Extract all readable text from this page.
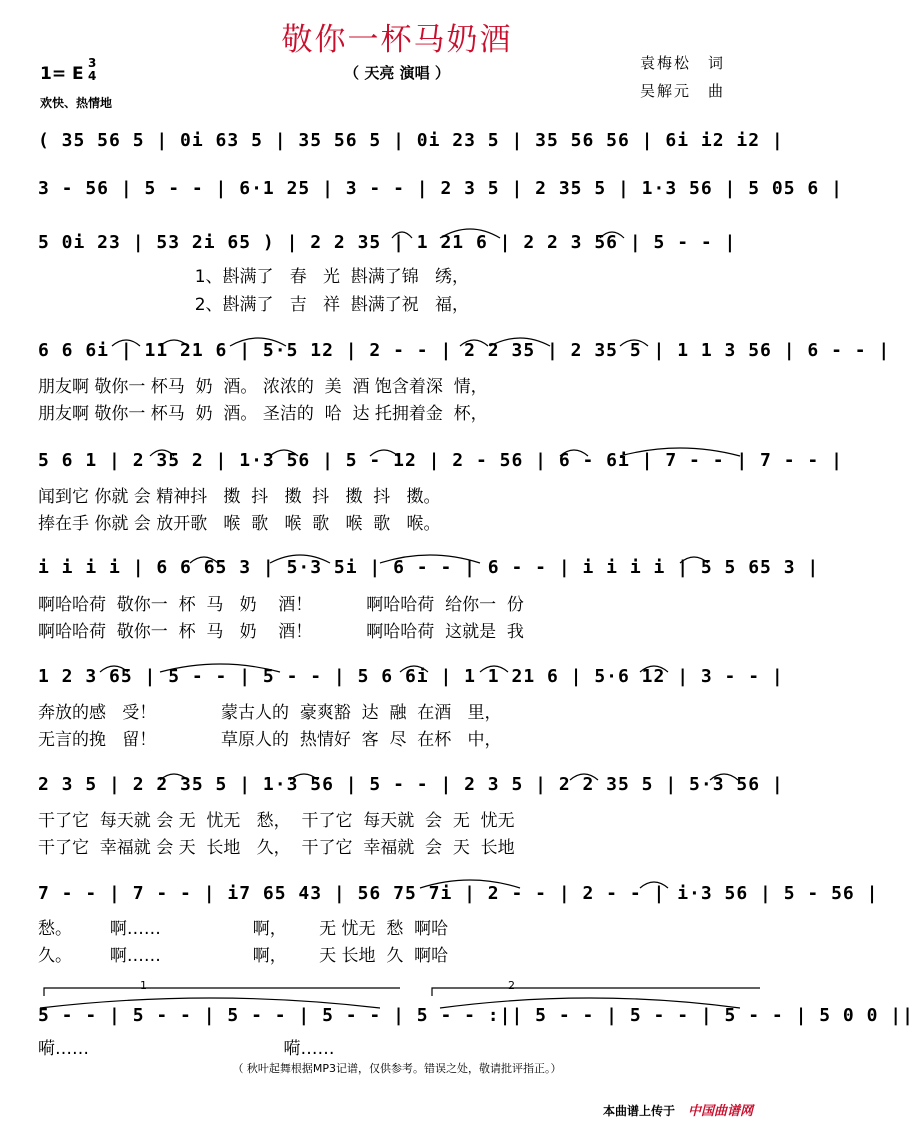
敬你一杯马奶酒
（ 天亮 演唱 ）
袁梅松　词
吴解元　曲
1= E
3
4
欢快、热情地
( 35 56 5 | 0i 63 5 | 35 56 5 | 0i 23 5 | 35 56 56 | 6i i2 i2 |
3 - 56 | 5 - - | 6·1 25 | 3 - - | 2 3 5 | 2 35 5 | 1·3 56 | 5 05 6 |
5 0i 23 | 53 2i 65 ) | 2 2 35 | 1 21 6 | 2 2 3 56 | 5 - - |
1、斟满了   春   光  斟满了锦   绣，
2、斟满了   吉   祥  斟满了祝   福，
6 6 6i | 11 21 6 | 5·5 12 | 2 - - | 2 2 35 | 2 35 5 | 1 1 3 56 | 6 - - |
朋友啊 敬你一 杯马  奶  酒。 浓浓的  美  酒 饱含着深  情，
朋友啊 敬你一 杯马  奶  酒。 圣洁的  哈  达 托拥着金  杯，
5 6 1 | 2 35 2 | 1·3 56 | 5 - 12 | 2 - 56 | 6 - 6i | 7 - - | 7 - - |
闻到它 你就 会 精神抖   擞  抖   擞  抖   擞  抖   擞。
捧在手 你就 会 放开歌   喉  歌   喉  歌   喉  歌   喉。
i i i i | 6 6 65 3 | 5·3 5i | 6 - - | 6 - - | i i i i | 5 5 65 3 |
啊哈哈荷  敬你一  杯  马   奶    酒！          啊哈哈荷  给你一  份
啊哈哈荷  敬你一  杯  马   奶    酒！          啊哈哈荷  这就是  我
1 2 3 65 | 5 - - | 5 - - | 5 6 6i | 1 1 21 6 | 5·6 12 | 3 - - |
奔放的感   受！            蒙古人的  豪爽豁  达  融  在酒   里，
无言的挽   留！            草原人的  热情好  客  尽  在杯   中，
2 3 5 | 2 2 35 5 | 1·3 56 | 5 - - | 2 3 5 | 2 2 35 5 | 5·3 56 |
干了它  每天就 会 无  忧无   愁，  干了它  每天就  会  无  忧无
干了它  幸福就 会 天  长地   久，  干了它  幸福就  会  天  长地
7 - - | 7 - - | i7 65 43 | 56 75 7i | 2 - - | 2 - - | i·3 56 | 5 - 56 |
愁。       啊……                 啊，      无 忧无  愁  啊哈
久。       啊……                 啊，      天 长地  久  啊哈
1	2
5 - - | 5 - - | 5 - - | 5 - - | 5 - - :|| 5 - - | 5 - - | 5 - - | 5 0 0 ||
嗬……                                    嗬……
（ 秋叶起舞根据MP3记谱，仅供参考。错误之处，敬请批评指正。）
本曲谱上传于 中国曲谱网
